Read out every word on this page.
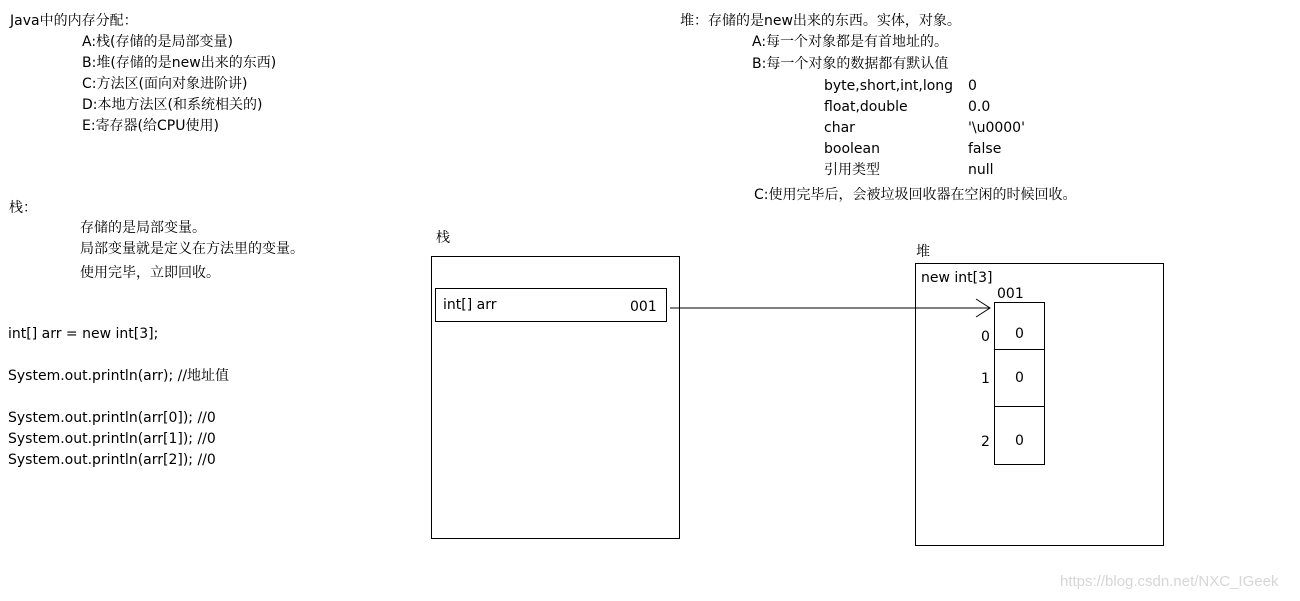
Java中的内存分配：
A:栈(存储的是局部变量)
B:堆(存储的是new出来的东西)
C:方法区(面向对象进阶讲)
D:本地方法区(和系统相关的)
E:寄存器(给CPU使用)
栈：
存储的是局部变量。
局部变量就是定义在方法里的变量。
使用完毕，立即回收。
int[] arr = new int[3];
System.out.println(arr); //地址值
System.out.println(arr[0]); //0
System.out.println(arr[1]); //0
System.out.println(arr[2]); //0
堆：存储的是new出来的东西。实体，对象。
A:每一个对象都是有首地址的。
B:每一个对象的数据都有默认值
byte,short,int,long 0
float,double	0.0
char	'\u0000'
boolean	false
引用类型	null
C:使用完毕后，会被垃圾回收器在空闲的时候回收。
栈
int[] arr	001
堆
new int[3]
001
0
0
0
0
1
2
https://blog.csdn.net/NXC_IGeek
